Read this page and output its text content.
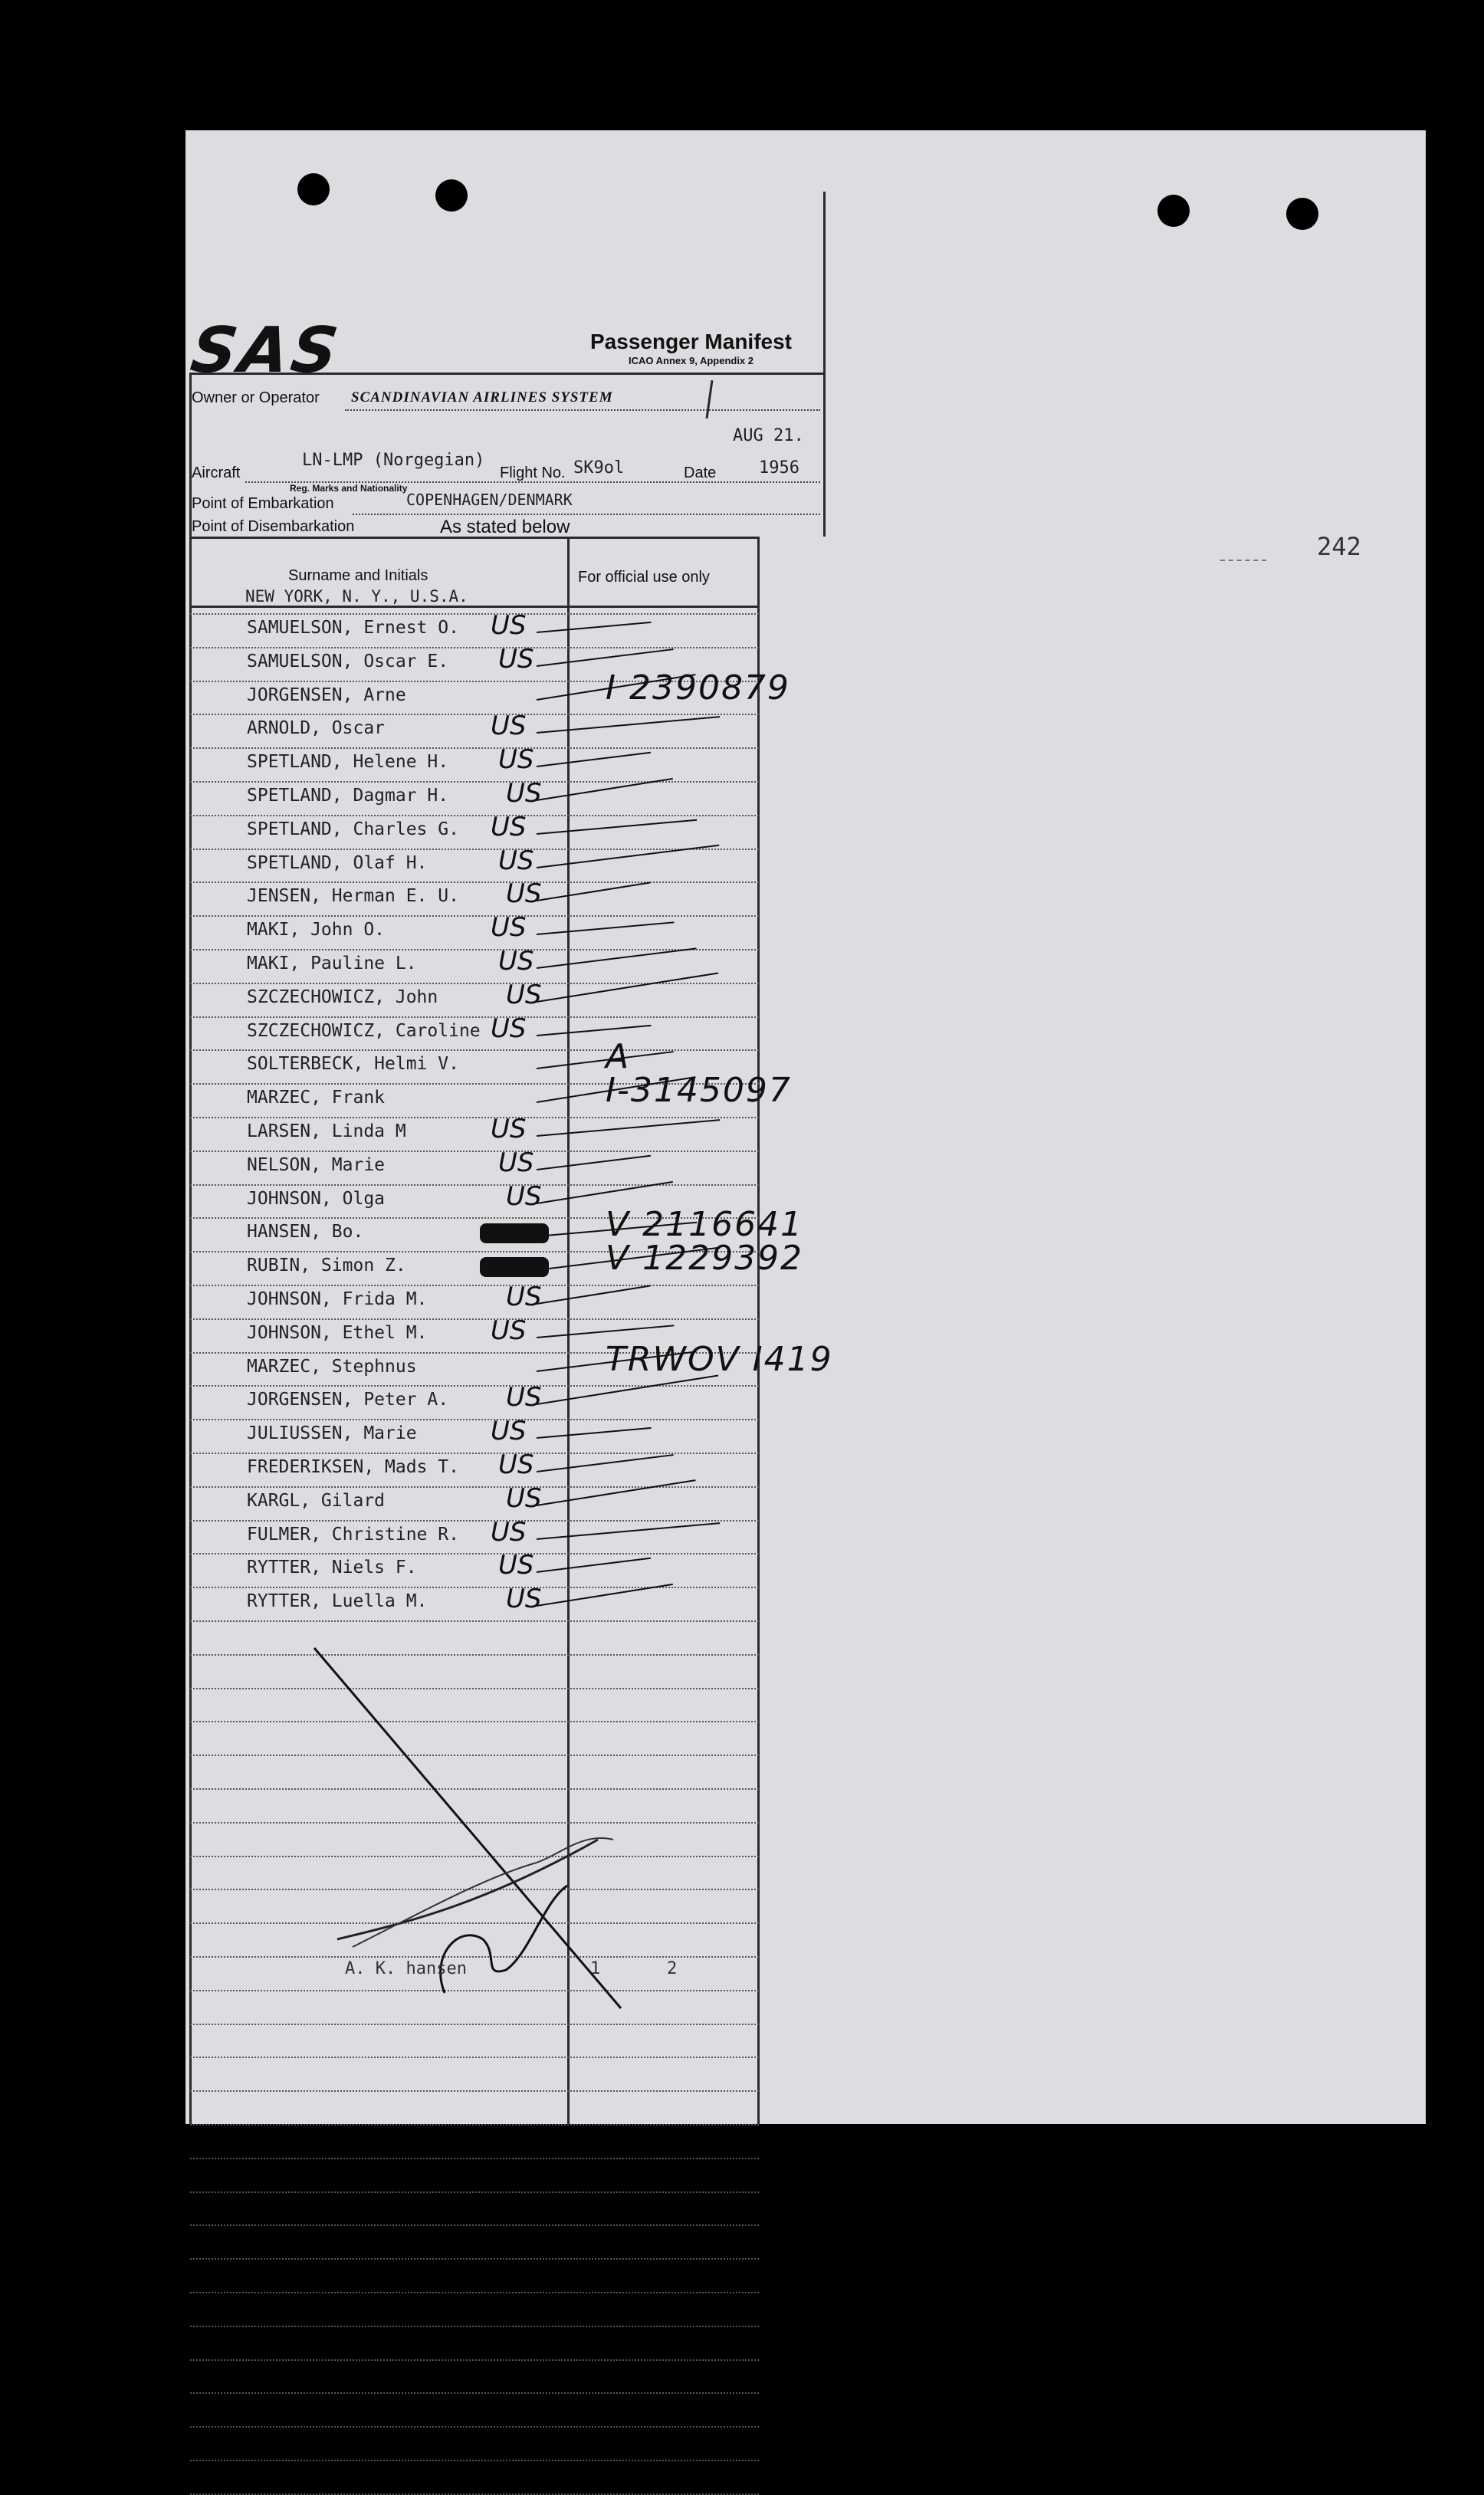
SAS	Passenger Manifest
ICAO Annex 9, Appendix 2
Owner or Operator SCANDINAVIAN AIRLINES SYSTEM
AUG 21.
LN-LMP (Norgegian)
Aircraft	Flight No. SK9ol	Date	1956
Reg. Marks and Nationality
Point of Embarkation	COPENHAGEN/DENMARK
Point of Disembarkation	As stated below
Surname and Initials	For official use only
NEW YORK, N. Y., U.S.A.
242
SAMUELSON, Ernest O. US
SAMUELSON, Oscar E. US
JORGENSEN, Arne	I 2390879
ARNOLD, Oscar	US
SPETLAND, Helene H. US
SPETLAND, Dagmar H. US
SPETLAND, Charles G. US
SPETLAND, Olaf H.	US
JENSEN, Herman E. U. US
MAKI, John O.	US
MAKI, Pauline L.	US
SZCZECHOWICZ, John	US
SZCZECHOWICZ, Caroline US
SOLTERBECK, Helmi V.	A
MARZEC, Frank	I-3145097
LARSEN, Linda M	US
NELSON, Marie	US
JOHNSON, Olga	US
HANSEN, Bo.	V 2116641
RUBIN, Simon Z.	V 1229392
JOHNSON, Frida M.	US
JOHNSON, Ethel M. US
MARZEC, Stephnus	TRWOV I419
JORGENSEN, Peter A. US
JULIUSSEN, Marie	US
FREDERIKSEN, Mads T. US
KARGL, Gilard	US
FULMER, Christine R. US
RYTTER, Niels F.	US
RYTTER, Luella M.	US
A. K. hansen	1	2
